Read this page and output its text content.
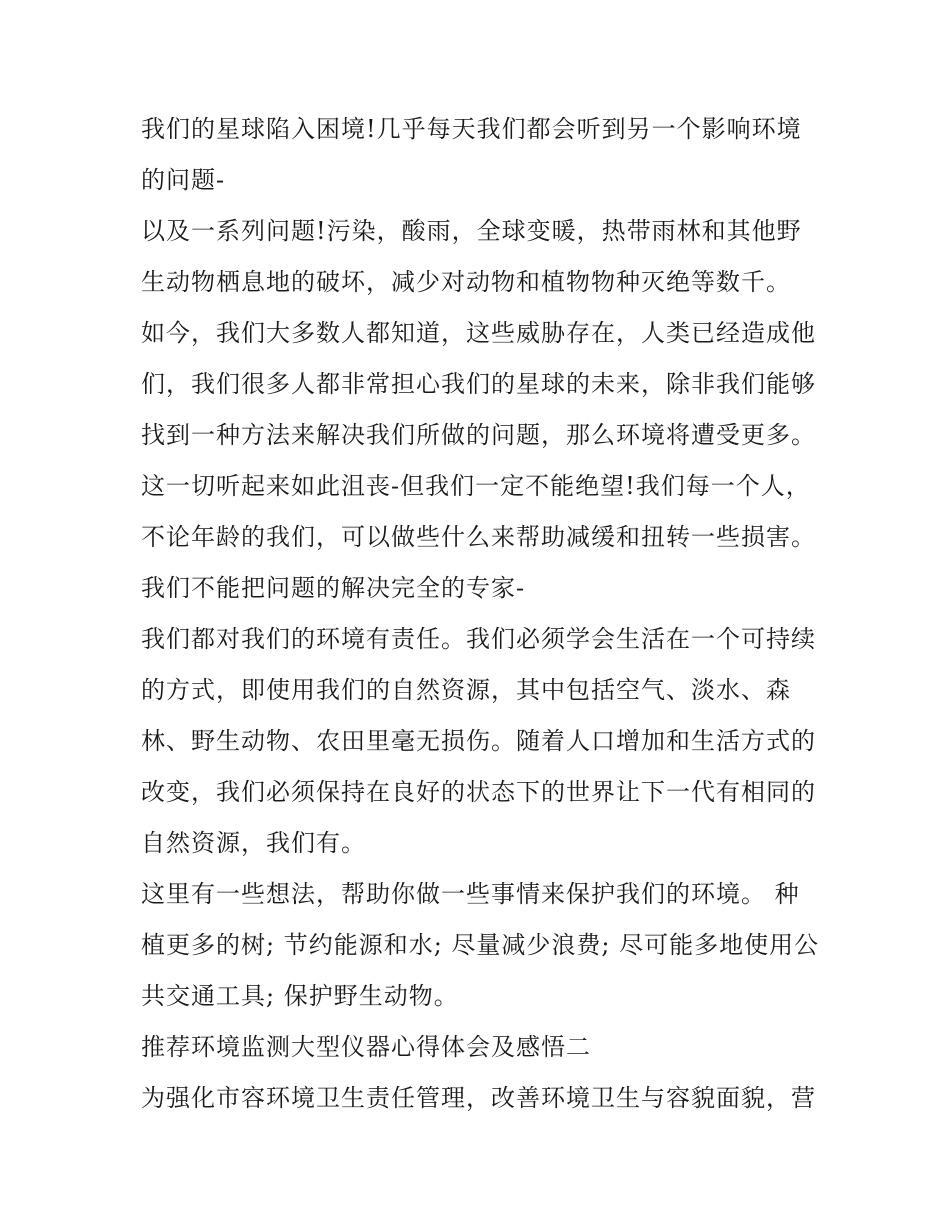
我们的星球陷入困境!几乎每天我们都会听到另一个影响环境
的问题-
以及一系列问题!污染，酸雨，全球变暖，热带雨林和其他野
生动物栖息地的破坏，减少对动物和植物物种灭绝等数千。
如今，我们大多数人都知道，这些威胁存在，人类已经造成他
们，我们很多人都非常担心我们的星球的未来，除非我们能够
找到一种方法来解决我们所做的问题，那么环境将遭受更多。
这一切听起来如此沮丧-但我们一定不能绝望!我们每一个人，
不论年龄的我们，可以做些什么来帮助减缓和扭转一些损害。
我们不能把问题的解决完全的专家-
我们都对我们的环境有责任。我们必须学会生活在一个可持续
的方式，即使用我们的自然资源，其中包括空气、淡水、森
林、野生动物、农田里毫无损伤。随着人口增加和生活方式的
改变，我们必须保持在良好的状态下的世界让下一代有相同的
自然资源，我们有。
这里有一些想法，帮助你做一些事情来保护我们的环境。 种
植更多的树; 节约能源和水; 尽量减少浪费; 尽可能多地使用公
共交通工具; 保护野生动物。
推荐环境监测大型仪器心得体会及感悟二
为强化市容环境卫生责任管理，改善环境卫生与容貌面貌，营
